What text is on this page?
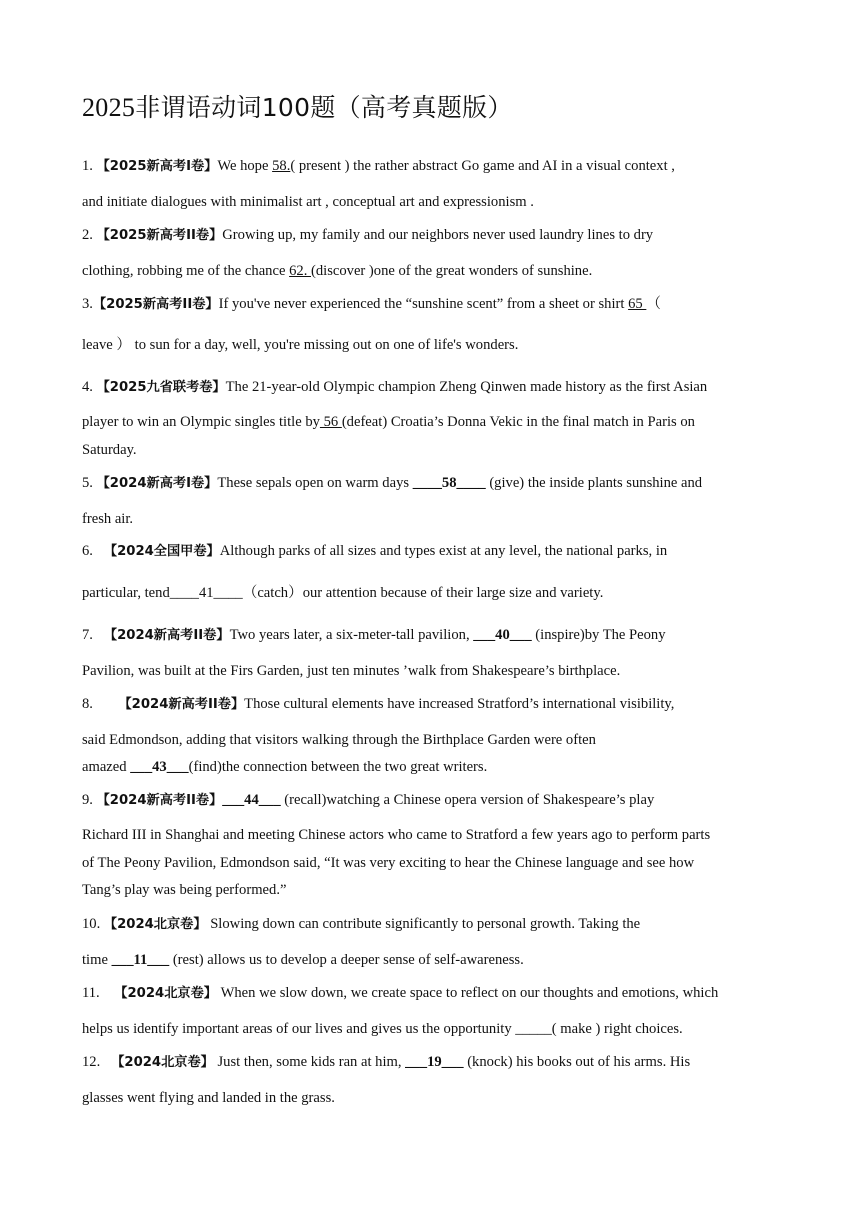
2025非谓语动词100题（高考真题版）
1. 【2025新高考Ⅰ卷】We hope 58.( present ) the rather abstract Go game and AI in a visual context ,
and initiate dialogues with minimalist art , conceptual art and expressionism .
2. 【2025新高考ⅠⅠ卷】Growing up, my family and our neighbors never used laundry lines to dry
clothing, robbing me of the chance 62. (discover )one of the great wonders of sunshine.
3.【2025新高考ⅠⅠ卷】If you've never experienced the “sunshine scent” from a sheet or shirt 65 （
leave ） to sun for a day, well, you're missing out on one of life's wonders.
4. 【2025九省联考卷】The 21-year-old Olympic champion Zheng Qinwen made history as the first Asian
player to win an Olympic singles title by 56 (defeat) Croatia’s Donna Vekic in the final match in Paris on
Saturday.
5. 【2024新高考Ⅰ卷】These sepals open on warm days ____58____ (give) the inside plants sunshine and
fresh air.
6. 【2024全国甲卷】Although parks of all sizes and types exist at any level, the national parks, in
particular, tend____41____（catch）our attention because of their large size and variety.
7. 【2024新高考ⅠⅠ卷】Two years later, a six-meter-tall pavilion, ___40___ (inspire)by The Peony
Pavilion, was built at the Firs Garden, just ten minutes ’walk from Shakespeare’s birthplace.
8. 【2024新高考ⅠⅠ卷】Those cultural elements have increased Stratford’s international visibility,
said Edmondson, adding that visitors walking through the Birthplace Garden were often
amazed ___43___(find)the connection between the two great writers.
9. 【2024新高考ⅠⅠ卷】___44___ (recall)watching a Chinese opera version of Shakespeare’s play
Richard III in Shanghai and meeting Chinese actors who came to Stratford a few years ago to perform parts
of The Peony Pavilion, Edmondson said, “It was very exciting to hear the Chinese language and see how
Tang’s play was being performed.”
10. 【2024北京卷】 Slowing down can contribute significantly to personal growth. Taking the
time ___11___ (rest) allows us to develop a deeper sense of self-awareness.
11. 【2024北京卷】 When we slow down, we create space to reflect on our thoughts and emotions, which
helps us identify important areas of our lives and gives us the opportunity _____( make ) right choices.
12. 【2024北京卷】 Just then, some kids ran at him, ___19___ (knock) his books out of his arms. His
glasses went flying and landed in the grass.
